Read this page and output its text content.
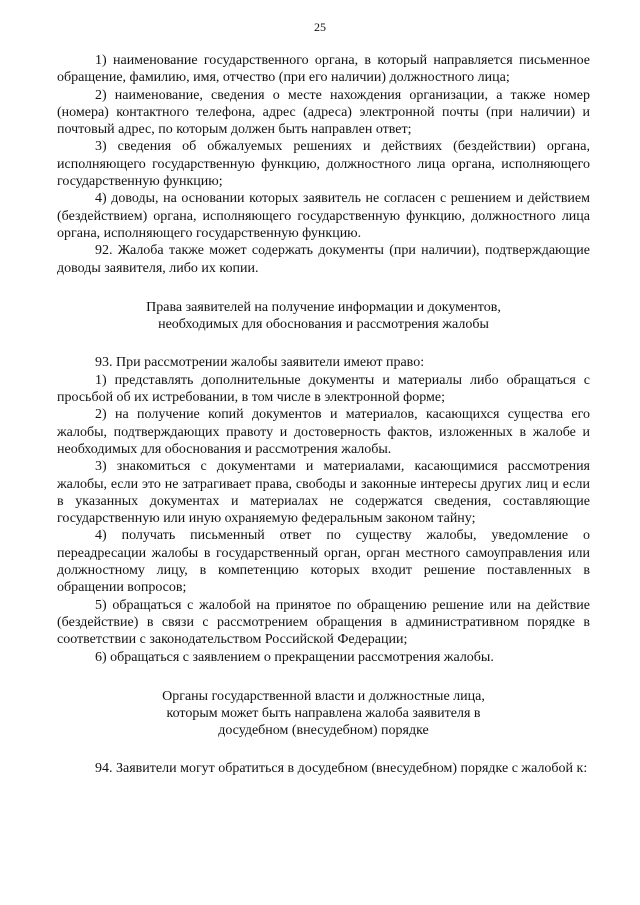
25

1) наименование государственного органа, в который направляется письменное обращение, фамилию, имя, отчество (при его наличии) должностного лица;

2) наименование, сведения о месте нахождения организации, а также номер (номера) контактного телефона, адрес (адреса) электронной почты (при наличии) и почтовый адрес, по которым должен быть направлен ответ;

3) сведения об обжалуемых решениях и действиях (бездействии) органа, исполняющего государственную функцию, должностного лица органа, исполняющего государственную функцию;

4) доводы, на основании которых заявитель не согласен с решением и действием (бездействием) органа, исполняющего государственную функцию, должностного лица органа, исполняющего государственную функцию.

92. Жалоба также может содержать документы (при наличии), подтверждающие доводы заявителя, либо их копии.

Права заявителей на получение информации и документов, необходимых для обоснования и рассмотрения жалобы

93. При рассмотрении жалобы заявители имеют право:

1) представлять дополнительные документы и материалы либо обращаться с просьбой об их истребовании, в том числе в электронной форме;

2) на получение копий документов и материалов, касающихся существа его жалобы, подтверждающих правоту и достоверность фактов, изложенных в жалобе и необходимых для обоснования и рассмотрения жалобы.

3) знакомиться с документами и материалами, касающимися рассмотрения жалобы, если это не затрагивает права, свободы и законные интересы других лиц и если в указанных документах и материалах не содержатся сведения, составляющие государственную или иную охраняемую федеральным законом тайну;

4) получать письменный ответ по существу жалобы, уведомление о переадресации жалобы в государственный орган, орган местного самоуправления или должностному лицу, в компетенцию которых входит решение поставленных в обращении вопросов;

5) обращаться с жалобой на принятое по обращению решение или на действие (бездействие) в связи с рассмотрением обращения в административном порядке в соответствии с законодательством Российской Федерации;

6) обращаться с заявлением о прекращении рассмотрения жалобы.

Органы государственной власти и должностные лица, которым может быть направлена жалоба заявителя в досудебном (внесудебном) порядке

94. Заявители могут обратиться в досудебном (внесудебном) порядке с жалобой к:
